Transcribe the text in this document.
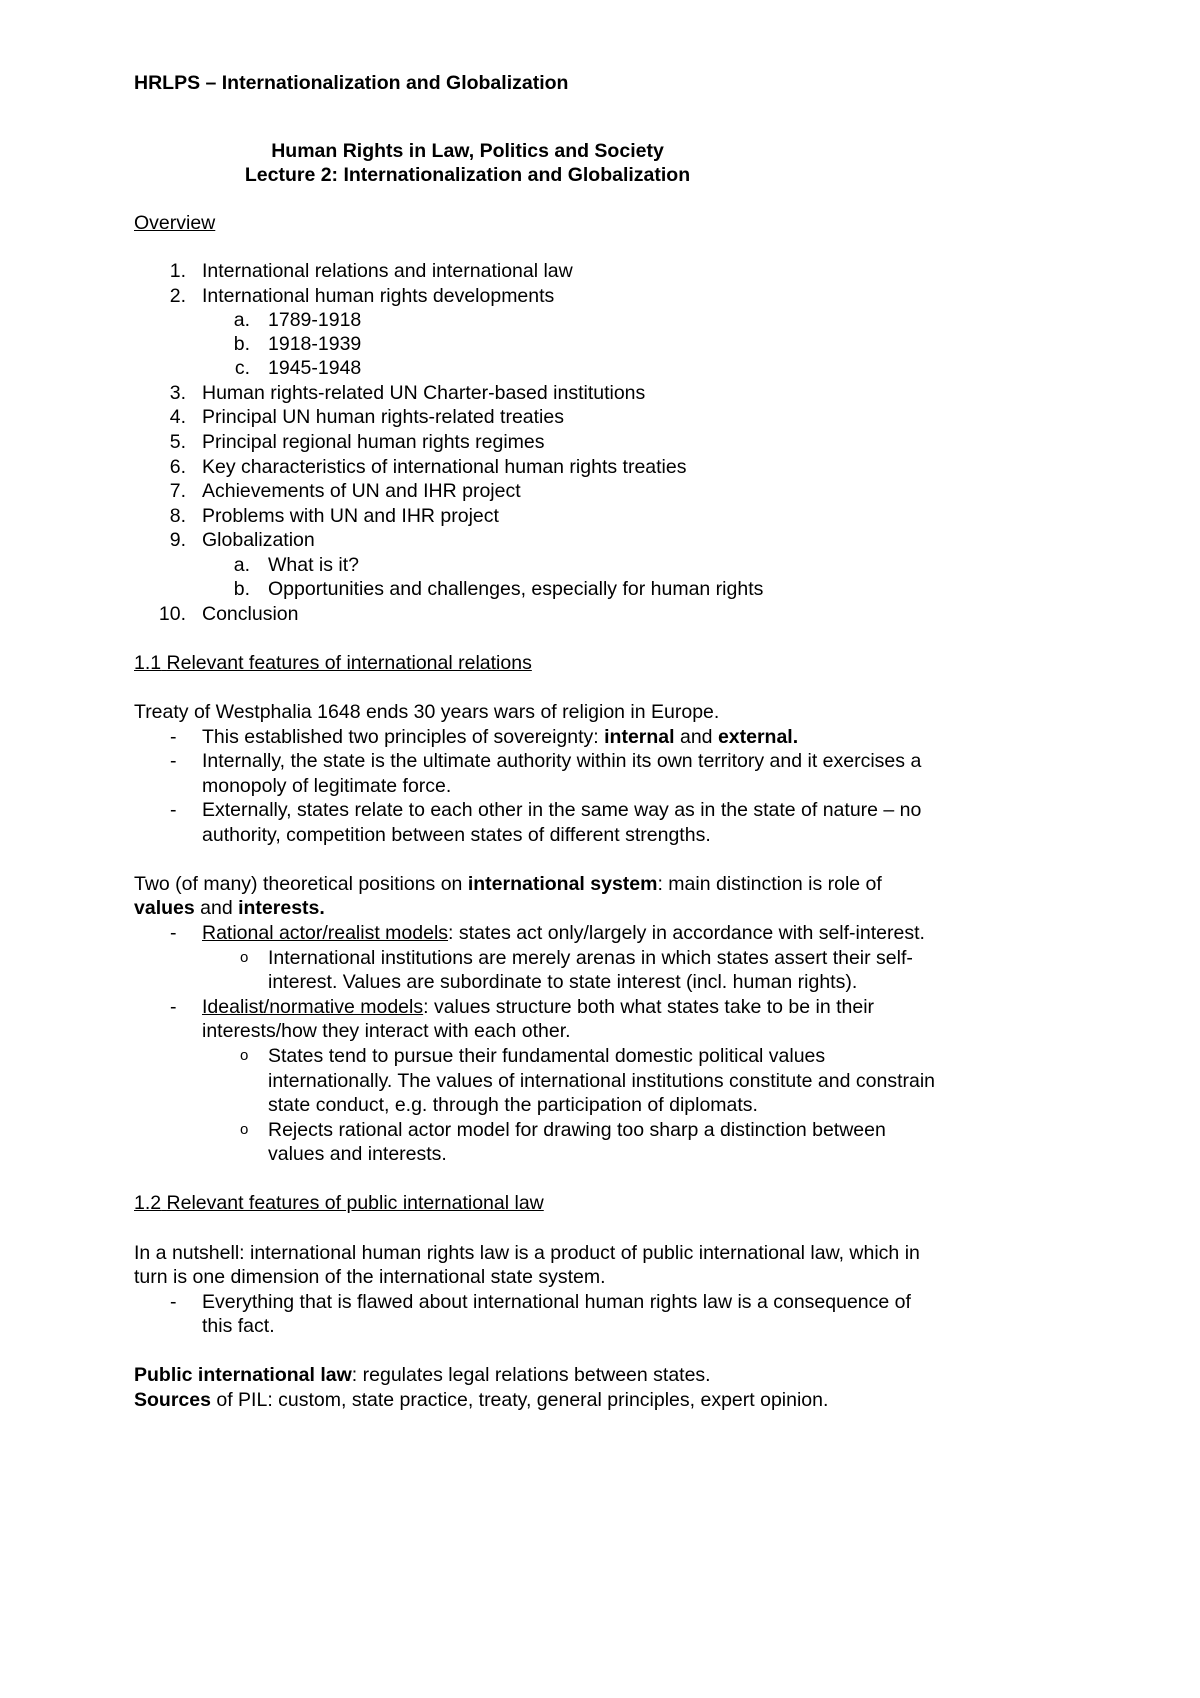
HRLPS – Internationalization and Globalization
Human Rights in Law, Politics and Society
Lecture 2: Internationalization and Globalization
Overview
1. International relations and international law
2. International human rights developments
a. 1789-1918
b. 1918-1939
c. 1945-1948
3. Human rights-related UN Charter-based institutions
4. Principal UN human rights-related treaties
5. Principal regional human rights regimes
6. Key characteristics of international human rights treaties
7. Achievements of UN and IHR project
8. Problems with UN and IHR project
9. Globalization
a. What is it?
b. Opportunities and challenges, especially for human rights
10. Conclusion
1.1 Relevant features of international relations
Treaty of Westphalia 1648 ends 30 years wars of religion in Europe.
- This established two principles of sovereignty: internal and external.
- Internally, the state is the ultimate authority within its own territory and it exercises a
monopoly of legitimate force.
- Externally, states relate to each other in the same way as in the state of nature – no
authority, competition between states of different strengths.
Two (of many) theoretical positions on international system: main distinction is role of
values and interests.
- Rational actor/realist models: states act only/largely in accordance with self-interest.
o International institutions are merely arenas in which states assert their self-
interest. Values are subordinate to state interest (incl. human rights).
- Idealist/normative models: values structure both what states take to be in their
interests/how they interact with each other.
o States tend to pursue their fundamental domestic political values
internationally. The values of international institutions constitute and constrain
state conduct, e.g. through the participation of diplomats.
o Rejects rational actor model for drawing too sharp a distinction between
values and interests.
1.2 Relevant features of public international law
In a nutshell: international human rights law is a product of public international law, which in
turn is one dimension of the international state system.
- Everything that is flawed about international human rights law is a consequence of
this fact.
Public international law: regulates legal relations between states.
Sources of PIL: custom, state practice, treaty, general principles, expert opinion.
